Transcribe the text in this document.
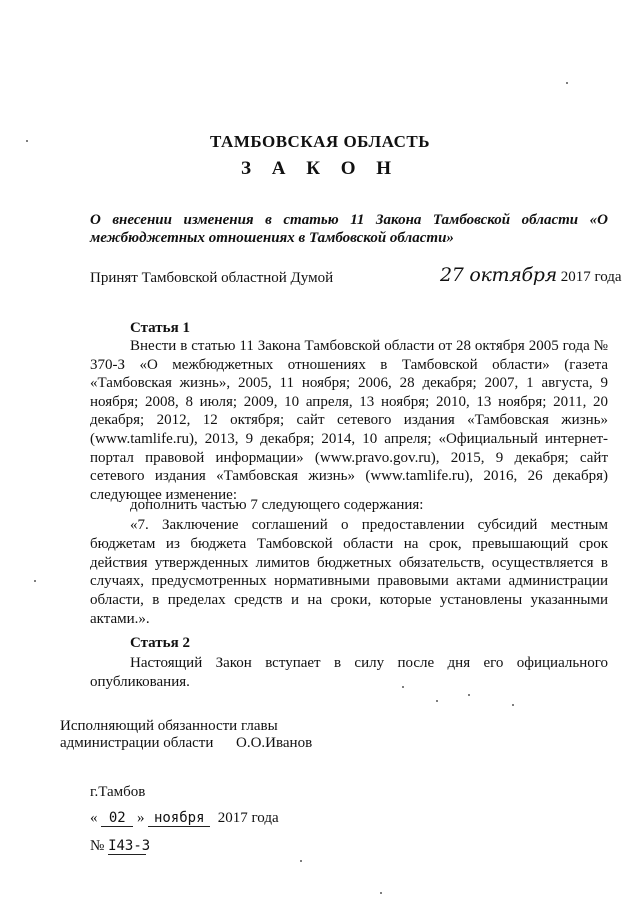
ТАМБОВСКАЯ ОБЛАСТЬ
З А К О Н
О внесении изменения в статью 11 Закона Тамбовской области «О межбюджетных отношениях в Тамбовской области»
Принят Тамбовской областной Думой	27 октября 2017 года
Статья 1
Внести в статью 11 Закона Тамбовской области от 28 октября 2005 года № 370-З «О межбюджетных отношениях в Тамбовской области» (газета «Тамбовская жизнь», 2005, 11 ноября; 2006, 28 декабря; 2007, 1 августа, 9 ноября; 2008, 8 июля; 2009, 10 апреля, 13 ноября; 2010, 13 ноября; 2011, 20 декабря; 2012, 12 октября; сайт сетевого издания «Тамбовская жизнь» (www.tamlife.ru), 2013, 9 декабря; 2014, 10 апреля; «Официальный интернет-портал правовой информации» (www.pravo.gov.ru), 2015, 9 декабря; сайт сетевого издания «Тамбовская жизнь» (www.tamlife.ru), 2016, 26 декабря) следующее изменение:
дополнить частью 7 следующего содержания:
«7. Заключение соглашений о предоставлении субсидий местным бюджетам из бюджета Тамбовской области на срок, превышающий срок действия утвержденных лимитов бюджетных обязательств, осуществляется в случаях, предусмотренных нормативными правовыми актами администрации области, в пределах средств и на сроки, которые установлены указанными актами.».
Статья 2
Настоящий Закон вступает в силу после дня его официального опубликования.
Исполняющий обязанности главы администрации области	О.О.Иванов
г.Тамбов
« 02 » ноября 2017 года
№ I43-З
